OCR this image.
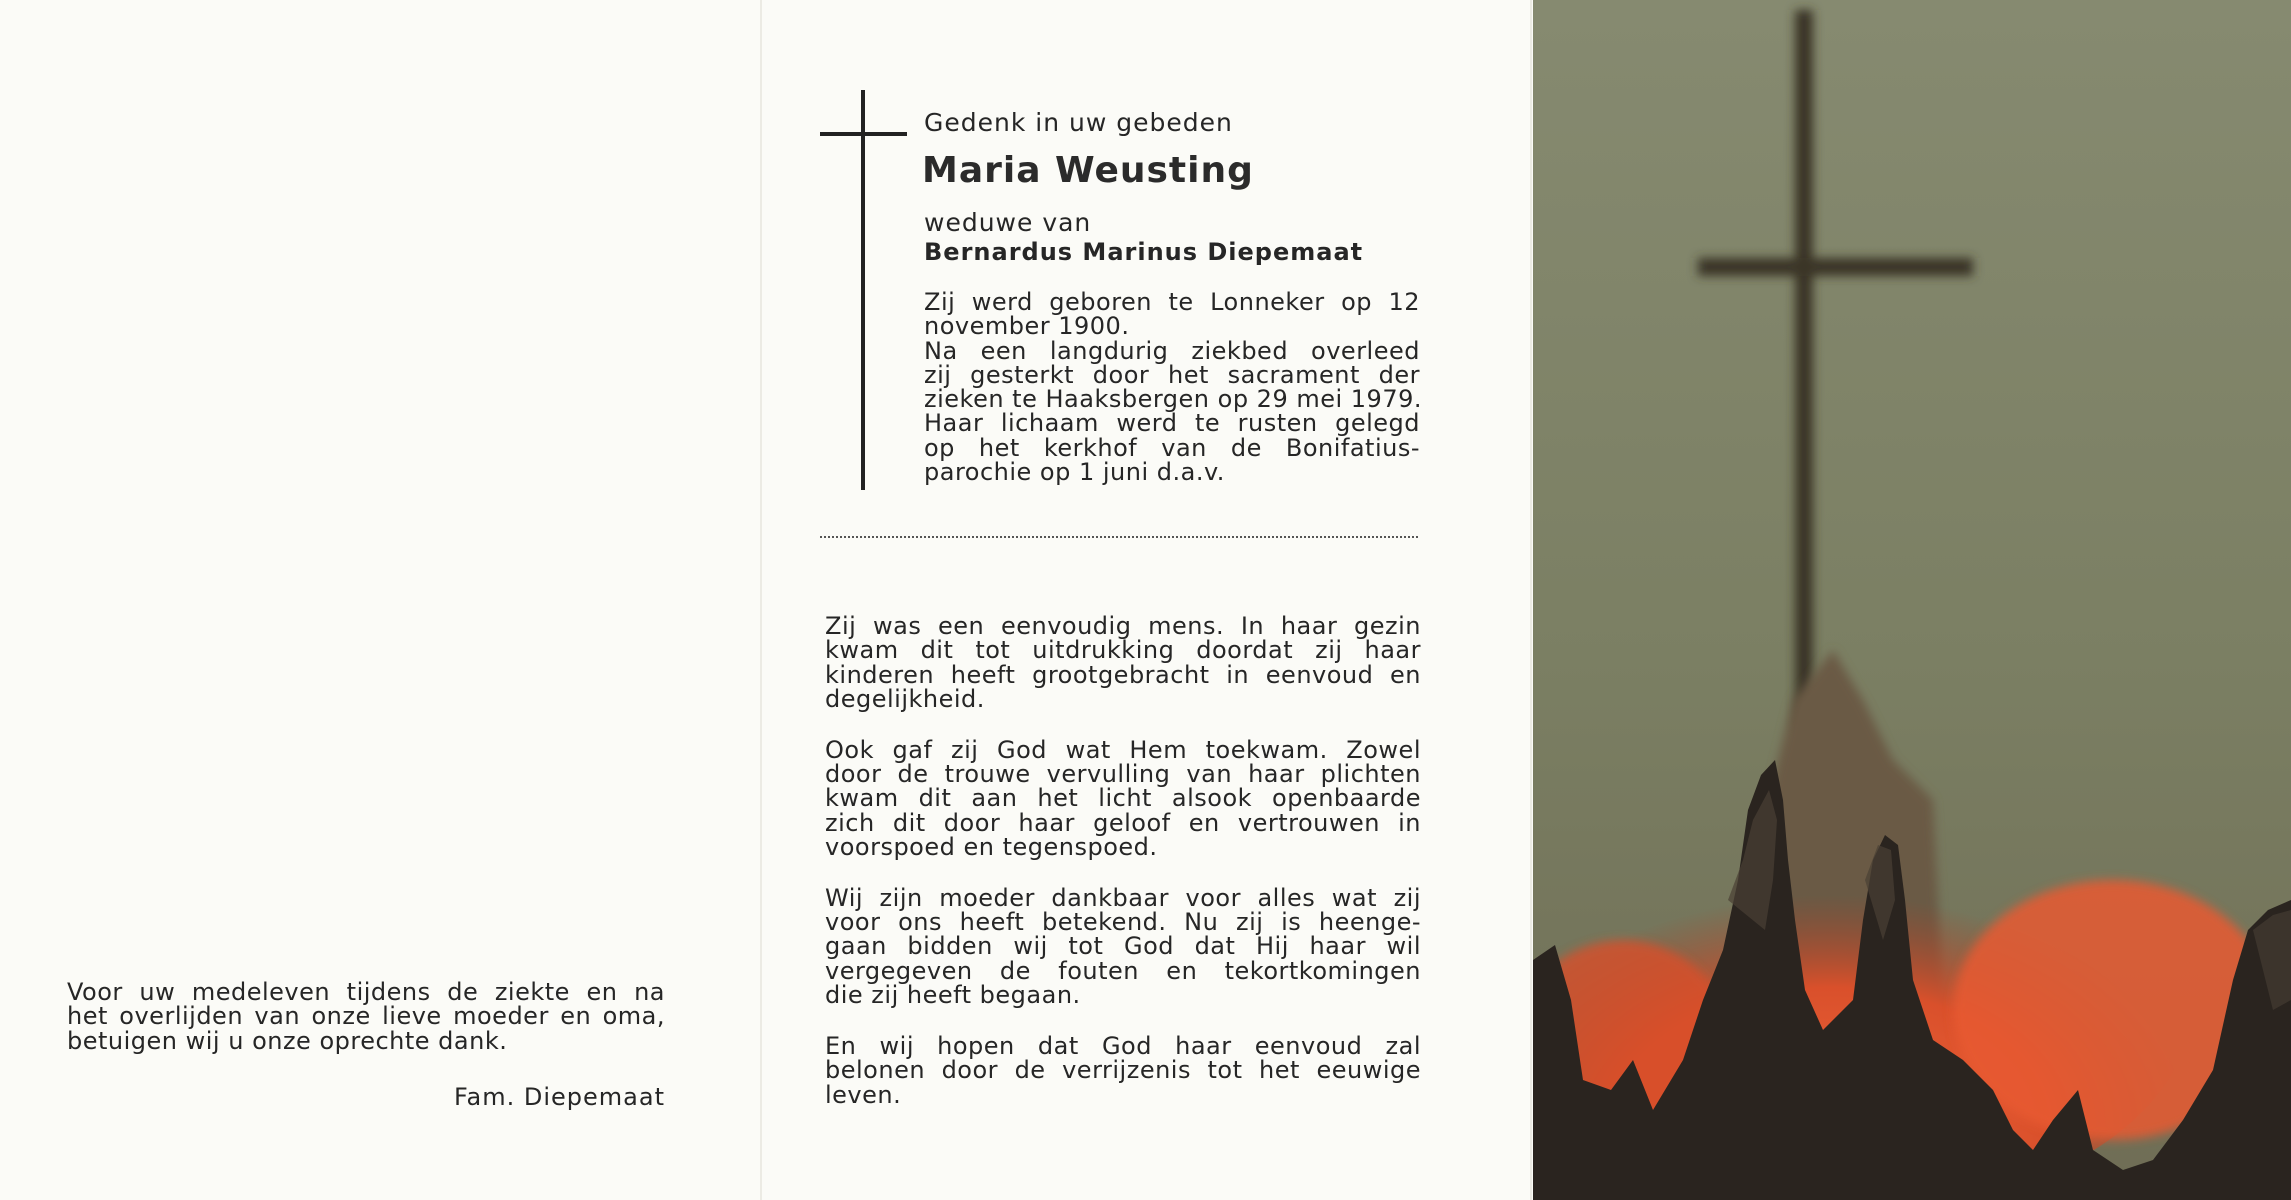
Gedenk in uw gebeden
Maria Weusting
weduwe van
Bernardus Marinus Diepemaat
Zij werd geboren te Lonneker op 12
november 1900.
Na een langdurig ziekbed overleed
zij gesterkt door het sacrament der
zieken te Haaksbergen op 29 mei 1979.
Haar lichaam werd te rusten gelegd
op het kerkhof van de Bonifatius-
parochie op 1 juni d.a.v.
Zij was een eenvoudig mens. In haar gezin
kwam dit tot uitdrukking doordat zij haar
kinderen heeft grootgebracht in eenvoud en
degelijkheid.
Ook gaf zij God wat Hem toekwam. Zowel
door de trouwe vervulling van haar plichten
kwam dit aan het licht alsook openbaarde
zich dit door haar geloof en vertrouwen in
voorspoed en tegenspoed.
Wij zijn moeder dankbaar voor alles wat zij
voor ons heeft betekend. Nu zij is heenge-
gaan bidden wij tot God dat Hij haar wil
vergegeven de fouten en tekortkomingen
die zij heeft begaan.
En wij hopen dat God haar eenvoud zal
belonen door de verrijzenis tot het eeuwige
leven.
Voor uw medeleven tijdens de ziekte en na
het overlijden van onze lieve moeder en oma,
betuigen wij u onze oprechte dank.
Fam. Diepemaat
